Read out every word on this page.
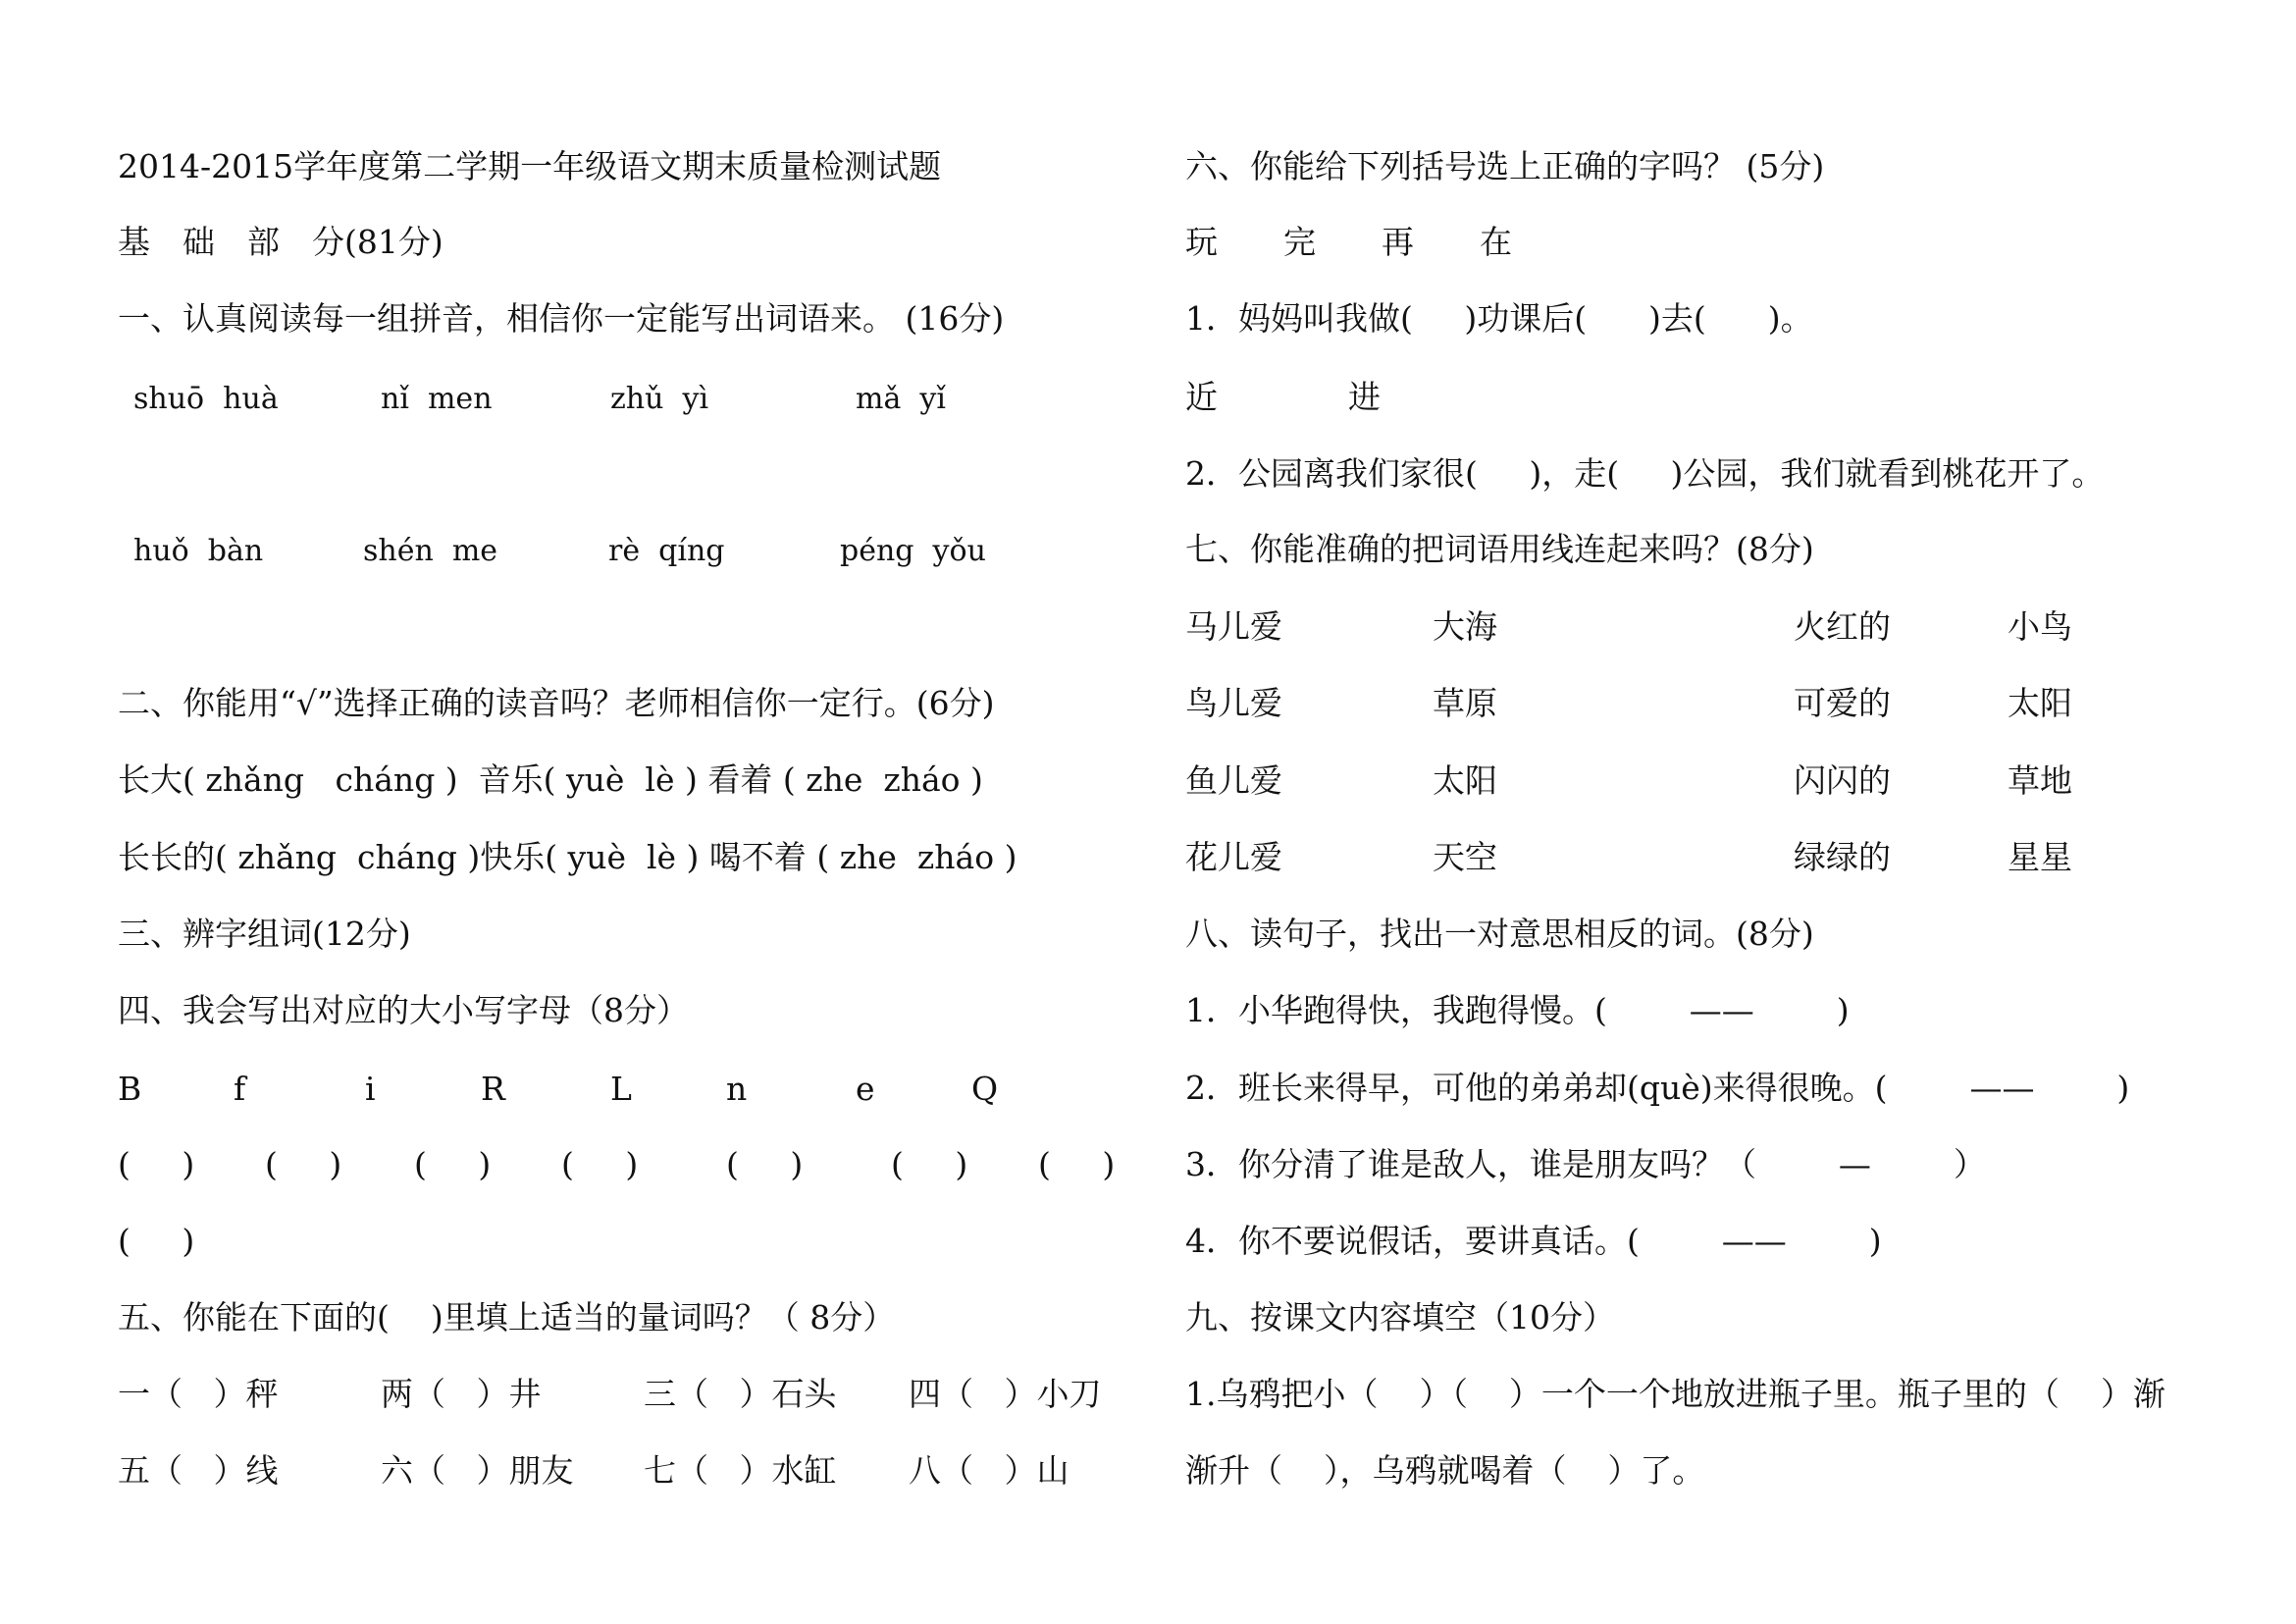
2014-2015学年度第二学期一年级语文期末质量检测试题
基　础　部　分(81分)
一、认真阅读每一组拼音，相信你一定能写出词语来。 (16分)
shuō  huà	nǐ  men	zhǔ  yì	mǎ  yǐ
huǒ  bàn	shén  me	rè  qíng	péng  yǒu
二、你能用“√”选择正确的读音吗？老师相信你一定行。(6分)
长大( zhǎng   cháng )  音乐( yuè  lè ) 看着 ( zhe  zháo )
长长的( zhǎng  cháng )快乐( yuè  lè ) 喝不着 ( zhe  zháo )
三、辨字组词(12分)
四、我会写出对应的大小写字母（8分）
B	f	i	R	L	n	e	Q
(     ) (     ) (     ) (     )	(     )	(     ) (     )
(     )
五、你能在下面的(    )里填上适当的量词吗？（ 8分）
一（   ）秤	两（   ）井	三（   ）石头 四（   ）小刀
五（   ）线	六（   ）朋友 七（   ）水缸 八（   ）山
六、你能给下列括号选上正确的字吗？ (5分)
玩 完 再 在
1．妈妈叫我做(     )功课后(      )去(      )。
近	进
2．公园离我们家很(     )，走(     )公园，我们就看到桃花开了。
七、你能准确的把词语用线连起来吗？(8分)
马儿爱	大海	火红的	小鸟
鸟儿爱	草原	可爱的	太阳
鱼儿爱	太阳	闪闪的	草地
花儿爱	天空	绿绿的	星星
八、读句子，找出一对意思相反的词。(8分)
1．小华跑得快，我跑得慢。(        ——        )
2．班长来得早，可他的弟弟却(què)来得很晚。(        ——        )
3．你分清了谁是敌人，谁是朋友吗？（        —        ）
4．你不要说假话，要讲真话。(        ——        )
九、按课文内容填空（10分）
1.乌鸦把小（    ）（    ）一个一个地放进瓶子里。瓶子里的（    ）渐
渐升（    ），乌鸦就喝着（    ）了。
